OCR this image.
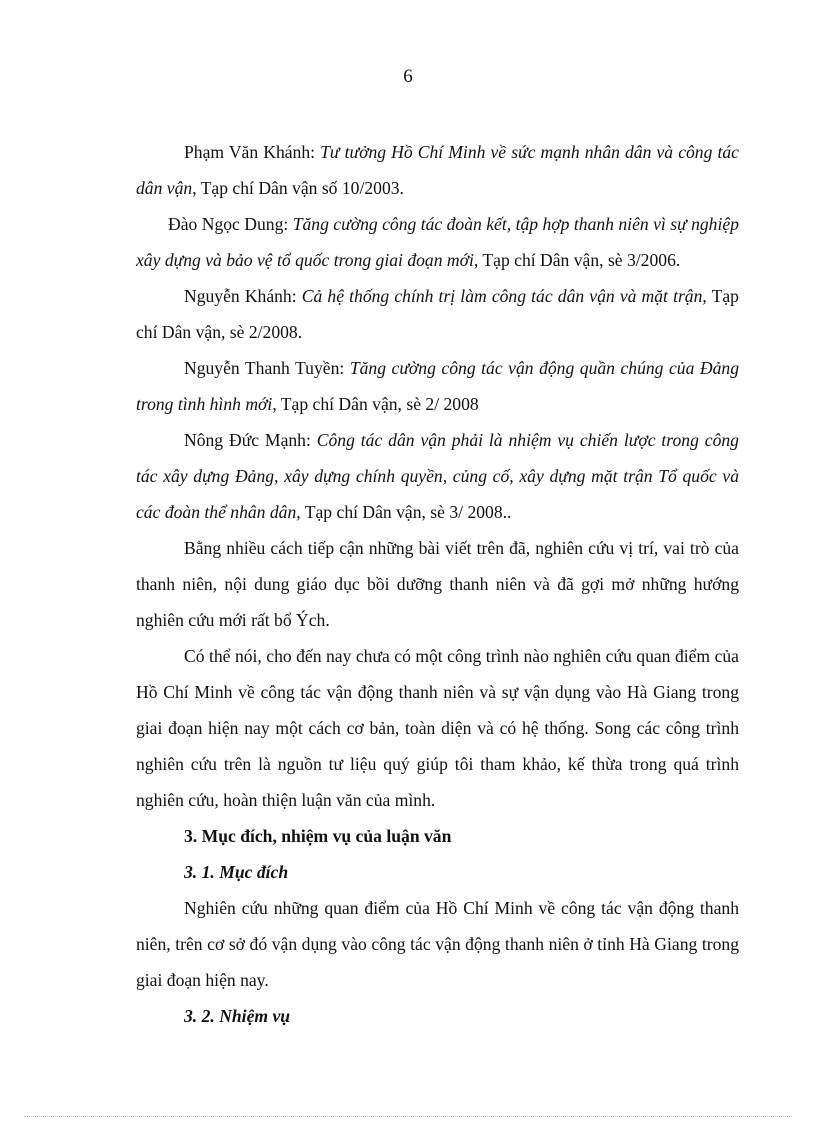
6

Phạm Văn Khánh: Tư tưởng Hồ Chí Minh về sức mạnh nhân dân và công tác dân vận, Tạp chí Dân vận số 10/2003.

Đào Ngọc Dung: Tăng cường công tác đoàn kết, tập hợp thanh niên vì sự nghiệp xây dựng và bảo vệ tổ quốc trong giai đoạn mới, Tạp chí Dân vận, sè 3/2006.

Nguyễn Khánh: Cả hệ thống chính trị làm công tác dân vận và mặt trận, Tạp chí Dân vận, sè 2/2008.

Nguyễn Thanh Tuyền: Tăng cường công tác vận động quần chúng của Đảng trong tình hình mới, Tạp chí Dân vận, sè 2/ 2008

Nông Đức Mạnh: Công tác dân vận phải là nhiệm vụ chiến lược trong công tác xây dựng Đảng, xây dựng chính quyền, củng cố, xây dựng mặt trận Tổ quốc và các đoàn thể nhân dân, Tạp chí Dân vận, sè 3/ 2008..

Bằng nhiều cách tiếp cận những bài viết trên đã, nghiên cứu vị trí, vai trò của thanh niên, nội dung giáo dục bồi dưỡng thanh niên và đã gợi mở những hướng nghiên cứu mới rất bổ Ých.

Có thể nói, cho đến nay chưa có một công trình nào nghiên cứu quan điểm của Hồ Chí Minh về công tác vận động thanh niên và sự vận dụng vào Hà Giang trong giai đoạn hiện nay một cách cơ bản, toàn diện và có hệ thống. Song các công trình nghiên cứu trên là nguồn tư liệu quý giúp tôi tham khảo, kế thừa trong quá trình nghiên cứu, hoàn thiện luận văn của mình.

3. Mục đích, nhiệm vụ của luận văn

3. 1. Mục đích

Nghiên cứu những quan điểm của Hồ Chí Minh về công tác vận động thanh niên, trên cơ sở đó vận dụng vào công tác vận động thanh niên ở tỉnh Hà Giang trong giai đoạn hiện nay.

3. 2. Nhiệm vụ
